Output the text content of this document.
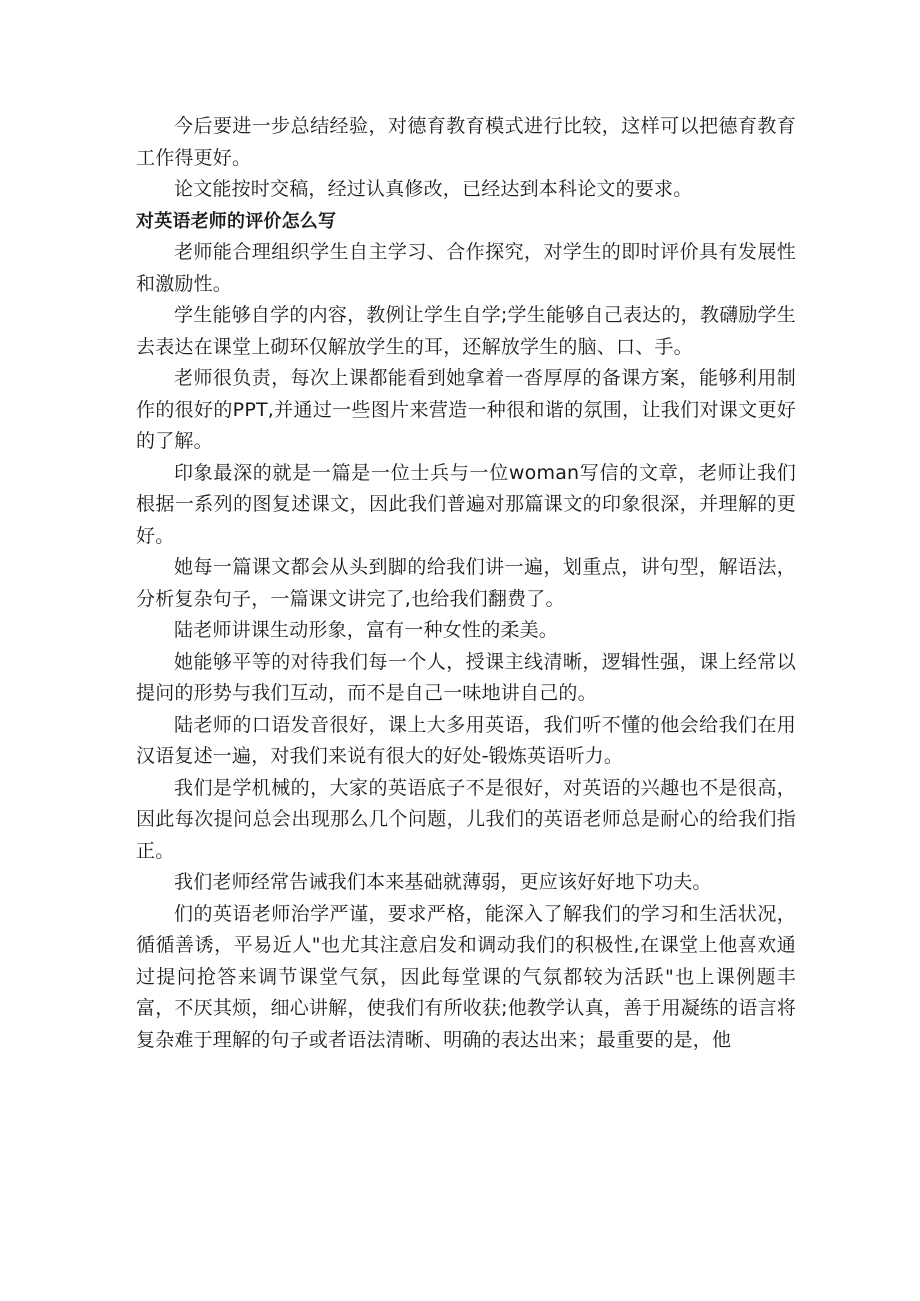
今后要进一步总结经验，对德育教育模式进行比较，这样可以把德育教育工作得更好。

论文能按时交稿，经过认真修改，已经达到本科论文的要求。

对英语老师的评价怎么写

老师能合理组织学生自主学习、合作探究，对学生的即时评价具有发展性和激励性。

学生能够自学的内容，教例让学生自学;学生能够自己表达的，教礴励学生去表达在课堂上砌环仅解放学生的耳，还解放学生的脑、口、手。

老师很负责，每次上课都能看到她拿着一沓厚厚的备课方案，能够利用制作的很好的PPT,并通过一些图片来营造一种很和谐的氛围，让我们对课文更好的了解。

印象最深的就是一篇是一位士兵与一位woman写信的文章，老师让我们根据一系列的图复述课文，因此我们普遍对那篇课文的印象很深，并理解的更好。

她每一篇课文都会从头到脚的给我们讲一遍，划重点，讲句型，解语法，分析复杂句子，一篇课文讲完了,也给我们翻费了。

陆老师讲课生动形象，富有一种女性的柔美。

她能够平等的对待我们每一个人，授课主线清晰，逻辑性强，课上经常以提问的形势与我们互动，而不是自己一味地讲自己的。

陆老师的口语发音很好，课上大多用英语，我们听不懂的他会给我们在用汉语复述一遍，对我们来说有很大的好处-锻炼英语听力。

我们是学机械的，大家的英语底子不是很好，对英语的兴趣也不是很高，因此每次提问总会出现那么几个问题，儿我们的英语老师总是耐心的给我们指正。

我们老师经常告诫我们本来基础就薄弱，更应该好好地下功夫。

们的英语老师治学严谨，要求严格，能深入了解我们的学习和生活状况，循循善诱，平易近人"也尤其注意启发和调动我们的积极性,在课堂上他喜欢通过提问抢答来调节课堂气氛，因此每堂课的气氛都较为活跃"也上课例题丰富，不厌其烦，细心讲解，使我们有所收获;他教学认真，善于用凝练的语言将复杂难于理解的句子或者语法清晰、明确的表达出来；最重要的是，他
